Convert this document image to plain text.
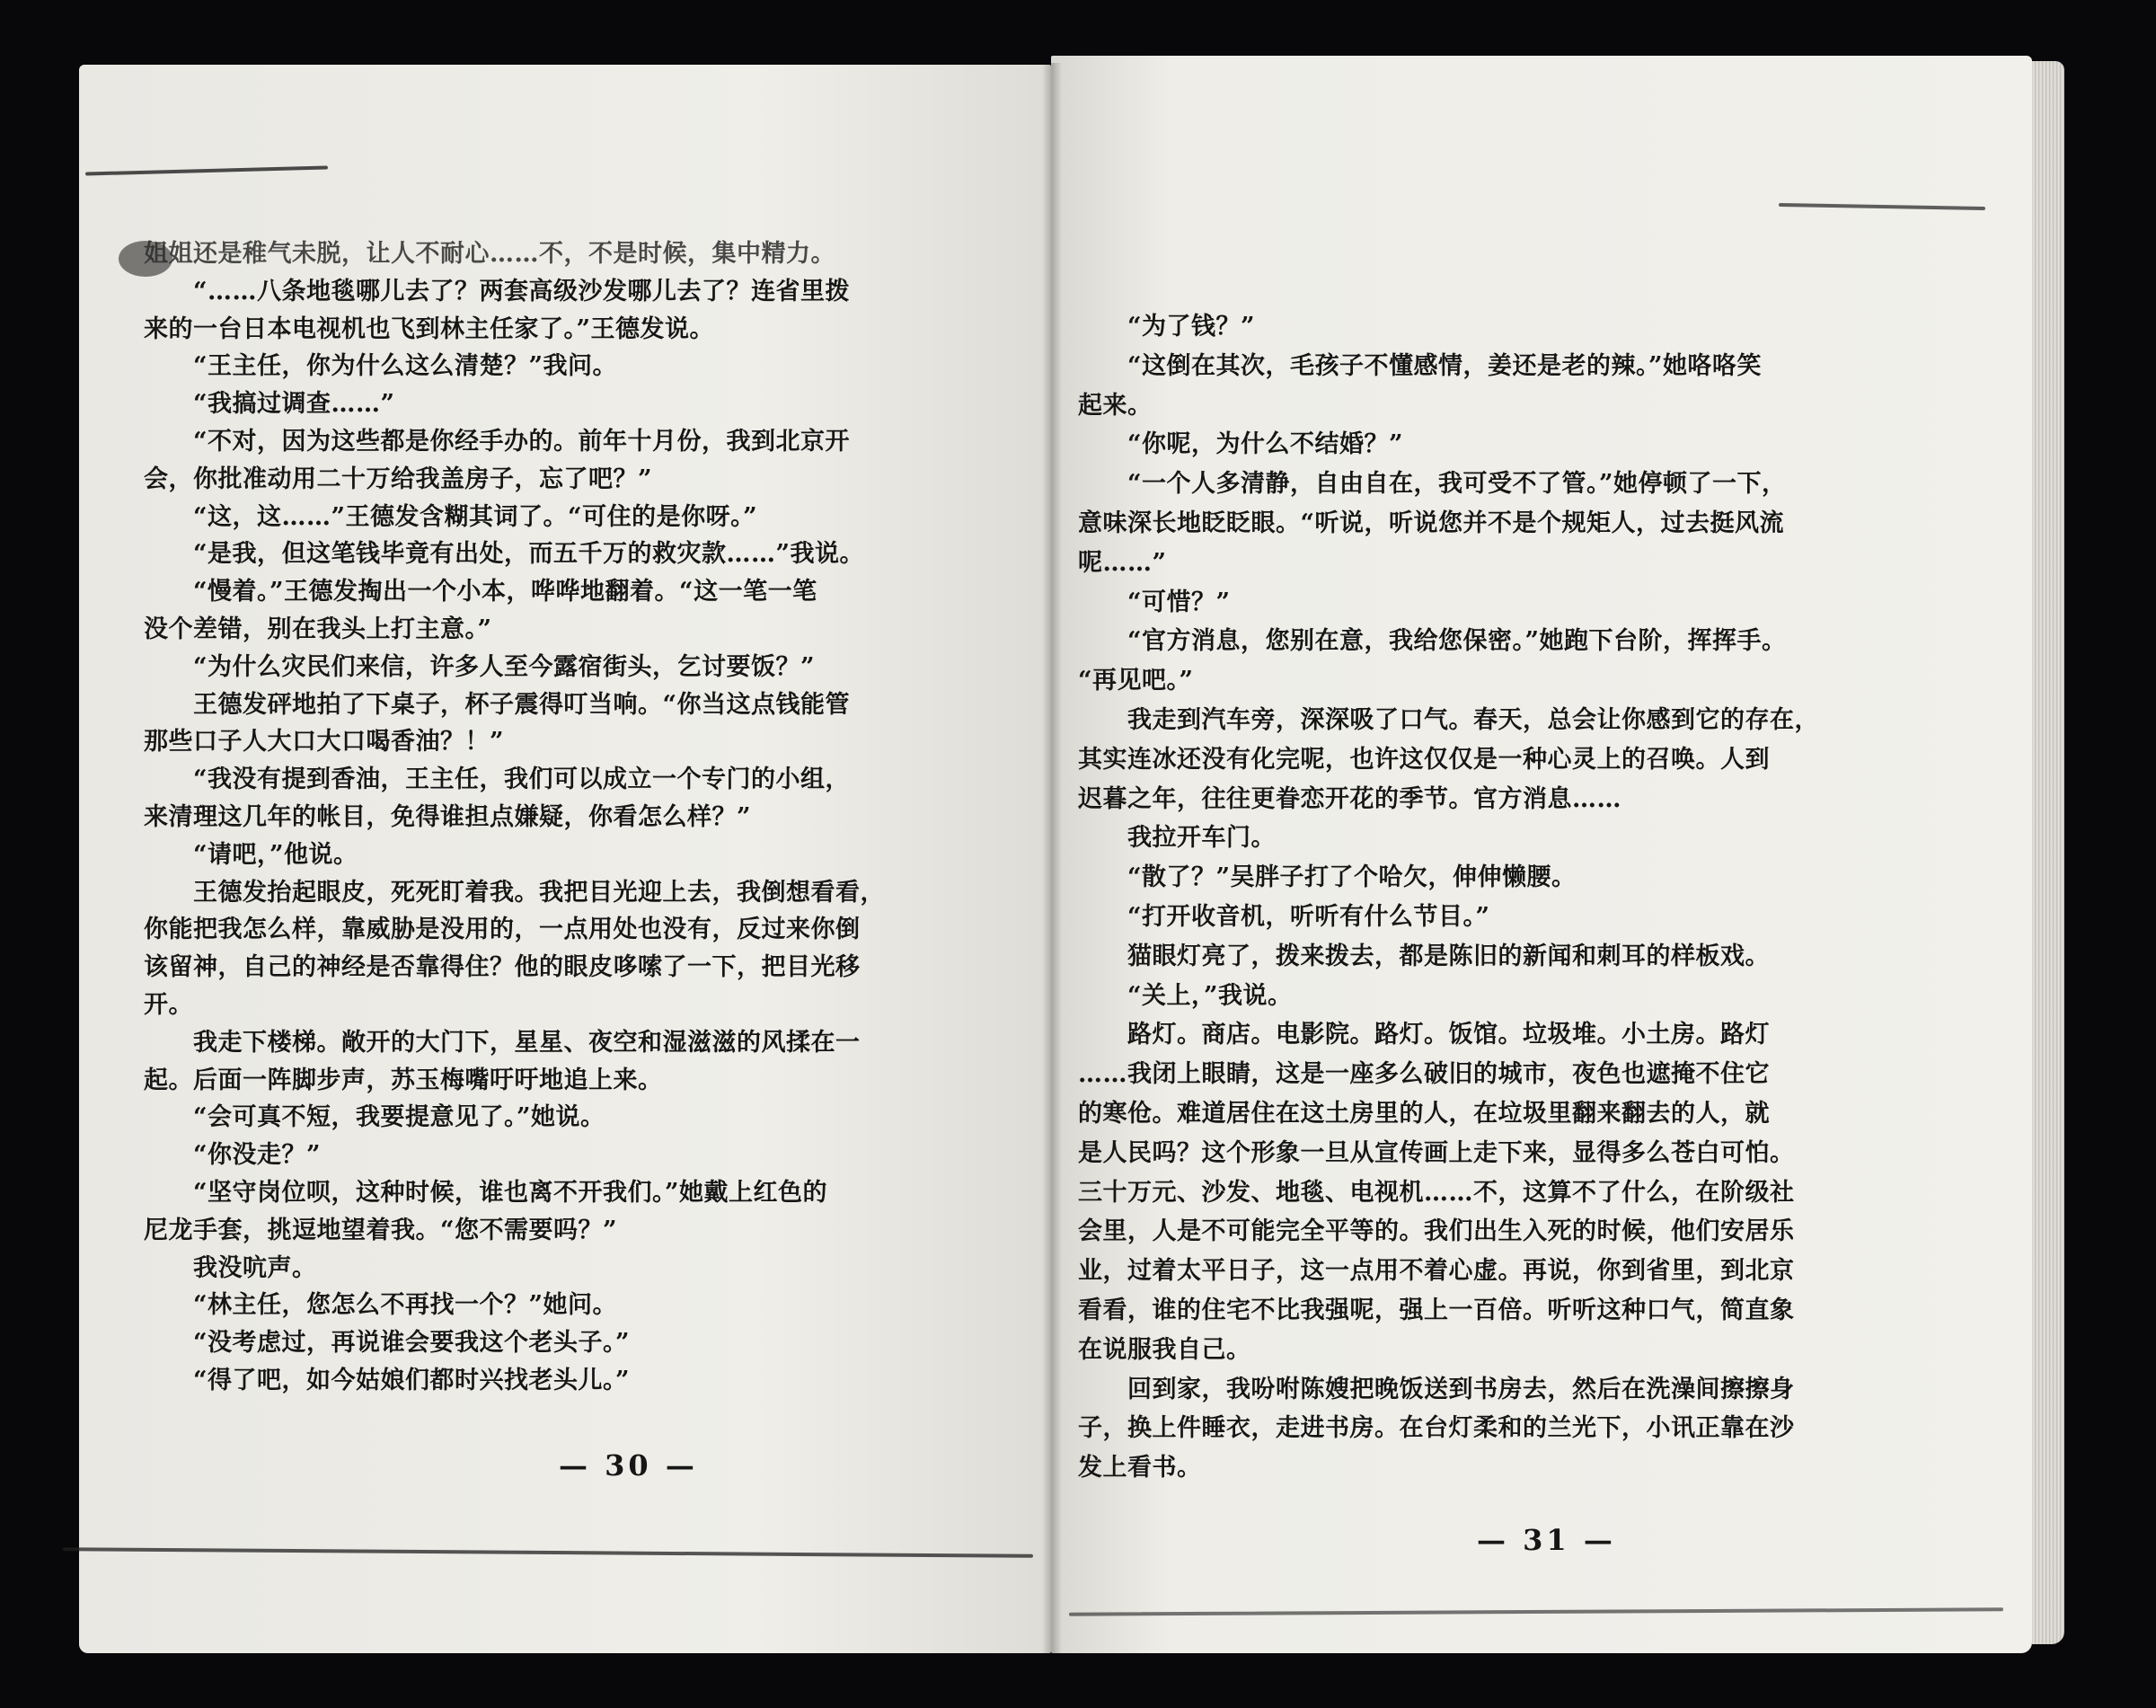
姐姐还是稚气未脱，让人不耐心……不，不是时候，集中精力。
　　“……八条地毯哪儿去了？两套高级沙发哪儿去了？连省里拨
来的一台日本电视机也飞到林主任家了。”王德发说。
　　“王主任，你为什么这么清楚？”我问。
　　“我搞过调查……”
　　“不对，因为这些都是你经手办的。前年十月份，我到北京开
会，你批准动用二十万给我盖房子，忘了吧？”
　　“这，这……”王德发含糊其词了。“可住的是你呀。”
　　“是我，但这笔钱毕竟有出处，而五千万的救灾款……”我说。
　　“慢着。”王德发掏出一个小本，哗哗地翻着。“这一笔一笔
没个差错，别在我头上打主意。”
　　“为什么灾民们来信，许多人至今露宿街头，乞讨要饭？”
　　王德发砰地拍了下桌子，杯子震得叮当响。“你当这点钱能管
那些口子人大口大口喝香油？！”
　　“我没有提到香油，王主任，我们可以成立一个专门的小组，
来清理这几年的帐目，免得谁担点嫌疑，你看怎么样？”
　　“请吧，”他说。
　　王德发抬起眼皮，死死盯着我。我把目光迎上去，我倒想看看，
你能把我怎么样，靠威胁是没用的，一点用处也没有，反过来你倒
该留神，自己的神经是否靠得住？他的眼皮哆嗦了一下，把目光移
开。
　　我走下楼梯。敞开的大门下，星星、夜空和湿滋滋的风揉在一
起。后面一阵脚步声，苏玉梅嘴吁吁地追上来。
　　“会可真不短，我要提意见了。”她说。
　　“你没走？”
　　“坚守岗位呗，这种时候，谁也离不开我们。”她戴上红色的
尼龙手套，挑逗地望着我。“您不需要吗？”
　　我没吭声。
　　“林主任，您怎么不再找一个？”她问。
　　“没考虑过，再说谁会要我这个老头子。”
　　“得了吧，如今姑娘们都时兴找老头儿。”
— 30 —
　　“为了钱？”
　　“这倒在其次，毛孩子不懂感情，姜还是老的辣。”她咯咯笑
起来。
　　“你呢，为什么不结婚？”
　　“一个人多清静，自由自在，我可受不了管。”她停顿了一下，
意味深长地眨眨眼。“听说，听说您并不是个规矩人，过去挺风流
呢……”
　　“可惜？”
　　“官方消息，您别在意，我给您保密。”她跑下台阶，挥挥手。
“再见吧。”
　　我走到汽车旁，深深吸了口气。春天，总会让你感到它的存在，
其实连冰还没有化完呢，也许这仅仅是一种心灵上的召唤。人到
迟暮之年，往往更眷恋开花的季节。官方消息……
　　我拉开车门。
　　“散了？”吴胖子打了个哈欠，伸伸懒腰。
　　“打开收音机，听听有什么节目。”
　　猫眼灯亮了，拨来拨去，都是陈旧的新闻和刺耳的样板戏。
　　“关上，”我说。
　　路灯。商店。电影院。路灯。饭馆。垃圾堆。小土房。路灯
……我闭上眼睛，这是一座多么破旧的城市，夜色也遮掩不住它
的寒伧。难道居住在这土房里的人，在垃圾里翻来翻去的人，就
是人民吗？这个形象一旦从宣传画上走下来，显得多么苍白可怕。
三十万元、沙发、地毯、电视机……不，这算不了什么，在阶级社
会里，人是不可能完全平等的。我们出生入死的时候，他们安居乐
业，过着太平日子，这一点用不着心虚。再说，你到省里，到北京
看看，谁的住宅不比我强呢，强上一百倍。听听这种口气，简直象
在说服我自己。
　　回到家，我吩咐陈嫂把晚饭送到书房去，然后在洗澡间擦擦身
子，换上件睡衣，走进书房。在台灯柔和的兰光下，小讯正靠在沙
发上看书。
— 31 —
